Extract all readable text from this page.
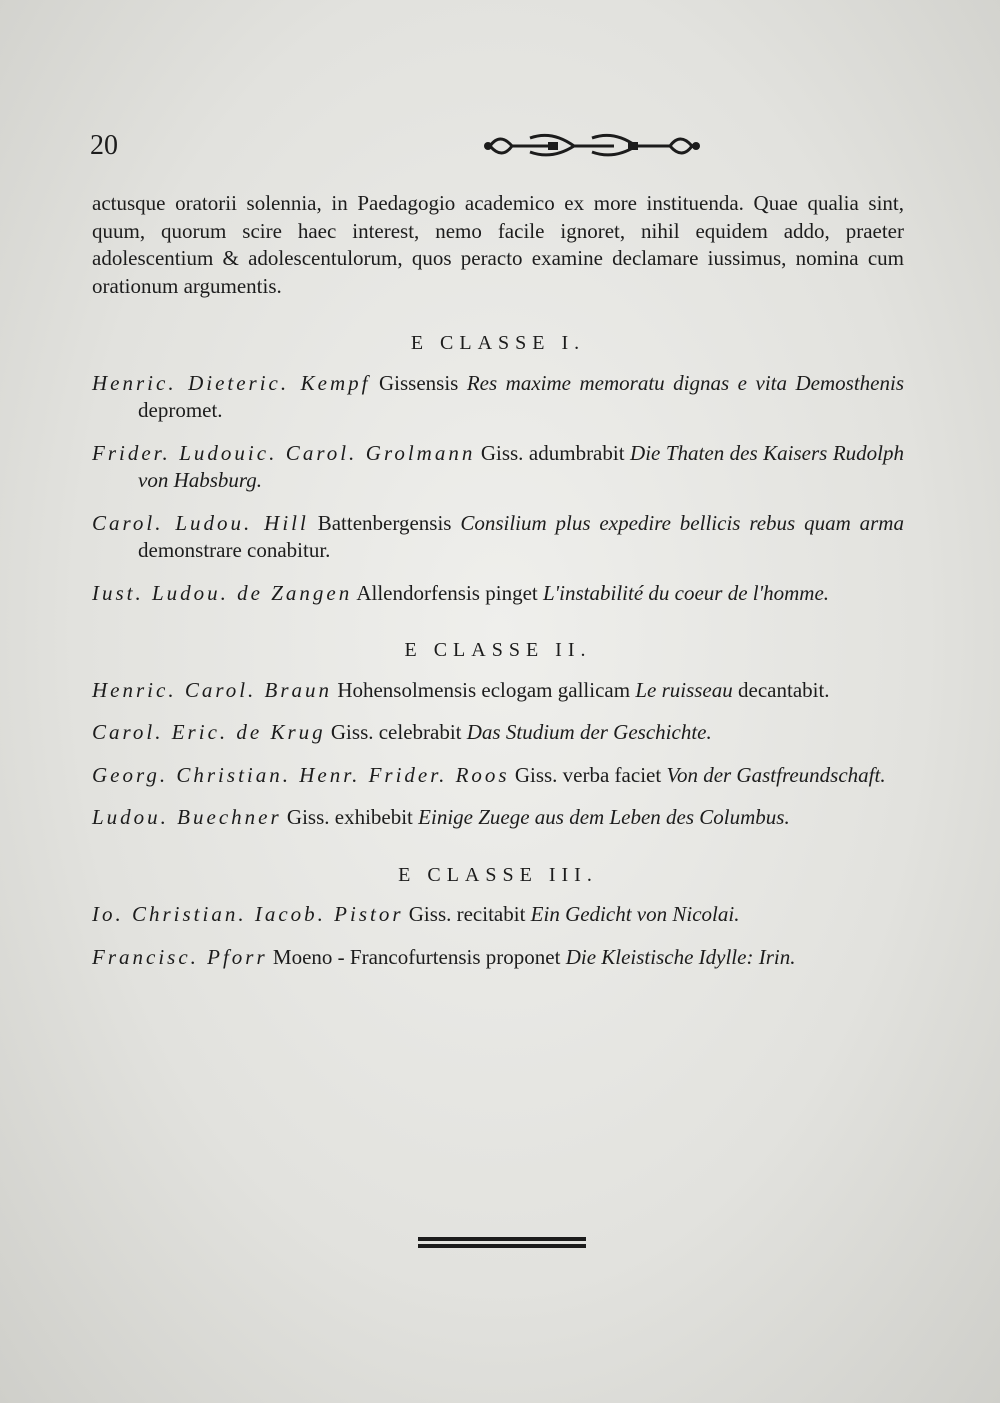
20

actusque oratorii solennia, in Paedagogio academico ex more instituenda. Quae qualia sint, quum, quorum scire haec interest, nemo facile ignoret, nihil equidem addo, praeter adolescentium & adolescentulorum, quos peracto examine declamare iussimus, nomina cum orationum argumentis.

E CLASSE I.

Henric. Dieteric. Kempf Gissensis Res maxime memoratu dignas e vita Demosthenis depromet.

Frider. Ludouic. Carol. Grolmann Giss. adumbrabit Die Thaten des Kaisers Rudolph von Habsburg.

Carol. Ludou. Hill Battenbergensis Consilium plus expedire bellicis rebus quam arma demonstrare conabitur.

Iust. Ludou. de Zangen Allendorfensis pinget L'instabilité du coeur de l'homme.

E CLASSE II.

Henric. Carol. Braun Hohensolmensis eclogam gallicam Le ruisseau decantabit.

Carol. Eric. de Krug Giss. celebrabit Das Studium der Geschichte.

Georg. Christian. Henr. Frider. Roos Giss. verba faciet Von der Gastfreundschaft.

Ludou. Buechner Giss. exhibebit Einige Zuege aus dem Leben des Columbus.

E CLASSE III.

Io. Christian. Iacob. Pistor Giss. recitabit Ein Gedicht von Nicolai.

Francisc. Pforr Moeno - Francofurtensis proponet Die Kleistische Idylle: Irin.
